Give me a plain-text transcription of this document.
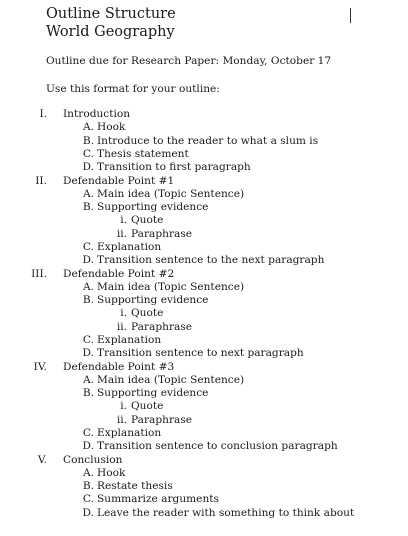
Outline Structure
World Geography
Outline due for Research Paper: Monday, October 17
Use this format for your outline:
I. Introduction
A. Hook
B. Introduce to the reader to what a slum is
C. Thesis statement
D. Transition to first paragraph
II. Defendable Point #1
A. Main idea (Topic Sentence)
B. Supporting evidence
i. Quote
ii. Paraphrase
C. Explanation
D. Transition sentence to the next paragraph
III. Defendable Point #2
A. Main idea (Topic Sentence)
B. Supporting evidence
i. Quote
ii. Paraphrase
C. Explanation
D. Transition sentence to next paragraph
IV. Defendable Point #3
A. Main idea (Topic Sentence)
B. Supporting evidence
i. Quote
ii. Paraphrase
C. Explanation
D. Transition sentence to conclusion paragraph
V. Conclusion
A. Hook
B. Restate thesis
C. Summarize arguments
D. Leave the reader with something to think about
